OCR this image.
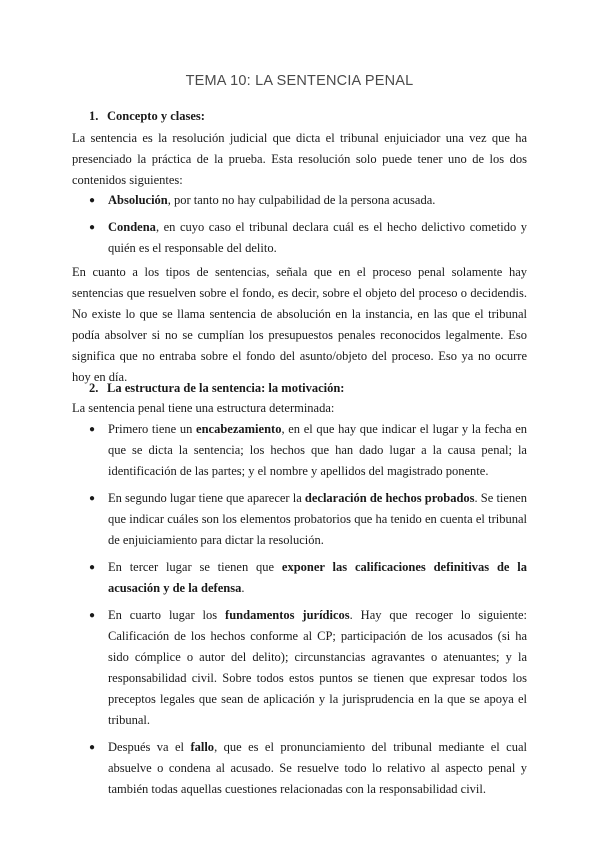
TEMA 10: LA SENTENCIA PENAL

1. Concepto y clases:

La sentencia es la resolución judicial que dicta el tribunal enjuiciador una vez que ha presenciado la práctica de la prueba. Esta resolución solo puede tener uno de los dos contenidos siguientes:

● Absolución, por tanto no hay culpabilidad de la persona acusada.
● Condena, en cuyo caso el tribunal declara cuál es el hecho delictivo cometido y quién es el responsable del delito.

En cuanto a los tipos de sentencias, señala que en el proceso penal solamente hay sentencias que resuelven sobre el fondo, es decir, sobre el objeto del proceso o decidendis. No existe lo que se llama sentencia de absolución en la instancia, en las que el tribunal podía absolver si no se cumplían los presupuestos penales reconocidos legalmente. Eso significa que no entraba sobre el fondo del asunto/objeto del proceso. Eso ya no ocurre hoy en día.

2. La estructura de la sentencia: la motivación:

La sentencia penal tiene una estructura determinada:

● Primero tiene un encabezamiento, en el que hay que indicar el lugar y la fecha en que se dicta la sentencia; los hechos que han dado lugar a la causa penal; la identificación de las partes; y el nombre y apellidos del magistrado ponente.
● En segundo lugar tiene que aparecer la declaración de hechos probados. Se tienen que indicar cuáles son los elementos probatorios que ha tenido en cuenta el tribunal de enjuiciamiento para dictar la resolución.
● En tercer lugar se tienen que exponer las calificaciones definitivas de la acusación y de la defensa.
● En cuarto lugar los fundamentos jurídicos. Hay que recoger lo siguiente: Calificación de los hechos conforme al CP; participación de los acusados (si ha sido cómplice o autor del delito); circunstancias agravantes o atenuantes; y la responsabilidad civil. Sobre todos estos puntos se tienen que expresar todos los preceptos legales que sean de aplicación y la jurisprudencia en la que se apoya el tribunal.
● Después va el fallo, que es el pronunciamiento del tribunal mediante el cual absuelve o condena al acusado. Se resuelve todo lo relativo al aspecto penal y también todas aquellas cuestiones relacionadas con la responsabilidad civil.
